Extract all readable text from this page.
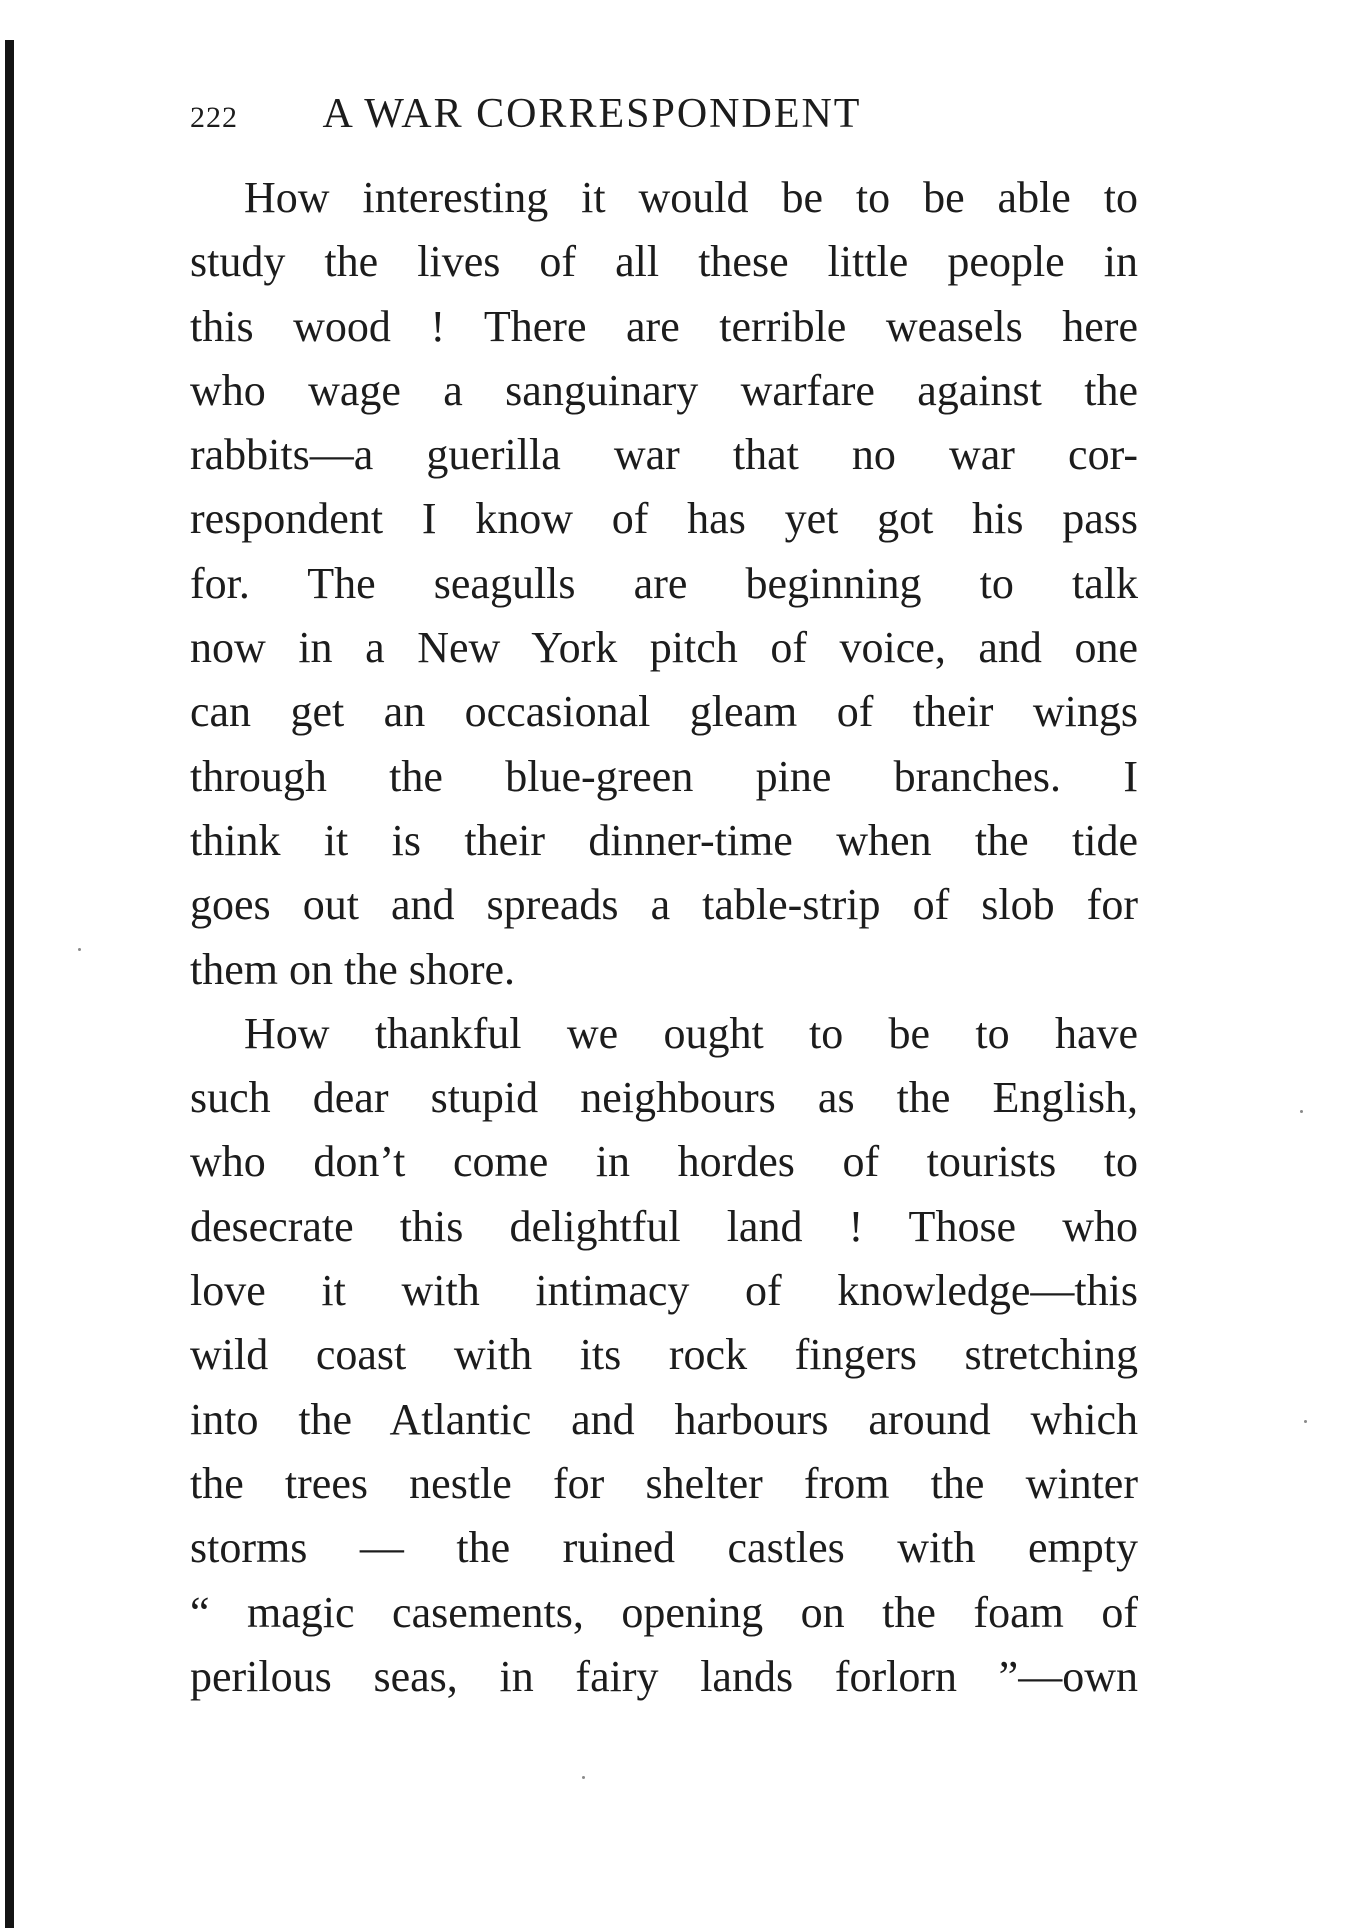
222 A WAR CORRESPONDENT
How interesting it would be to be able to
study the lives of all these little people in
this wood ! There are terrible weasels here
who wage a sanguinary warfare against the
rabbits—a guerilla war that no war cor-
respondent I know of has yet got his pass
for. The seagulls are beginning to talk
now in a New York pitch of voice, and one
can get an occasional gleam of their wings
through the blue-green pine branches. I
think it is their dinner-time when the tide
goes out and spreads a table-strip of slob for
them on the shore.
How thankful we ought to be to have
such dear stupid neighbours as the English,
who don’t come in hordes of tourists to
desecrate this delightful land ! Those who
love it with intimacy of knowledge—this
wild coast with its rock fingers stretching
into the Atlantic and harbours around which
the trees nestle for shelter from the winter
storms — the ruined castles with empty
“ magic casements, opening on the foam of
perilous seas, in fairy lands forlorn ”—own
